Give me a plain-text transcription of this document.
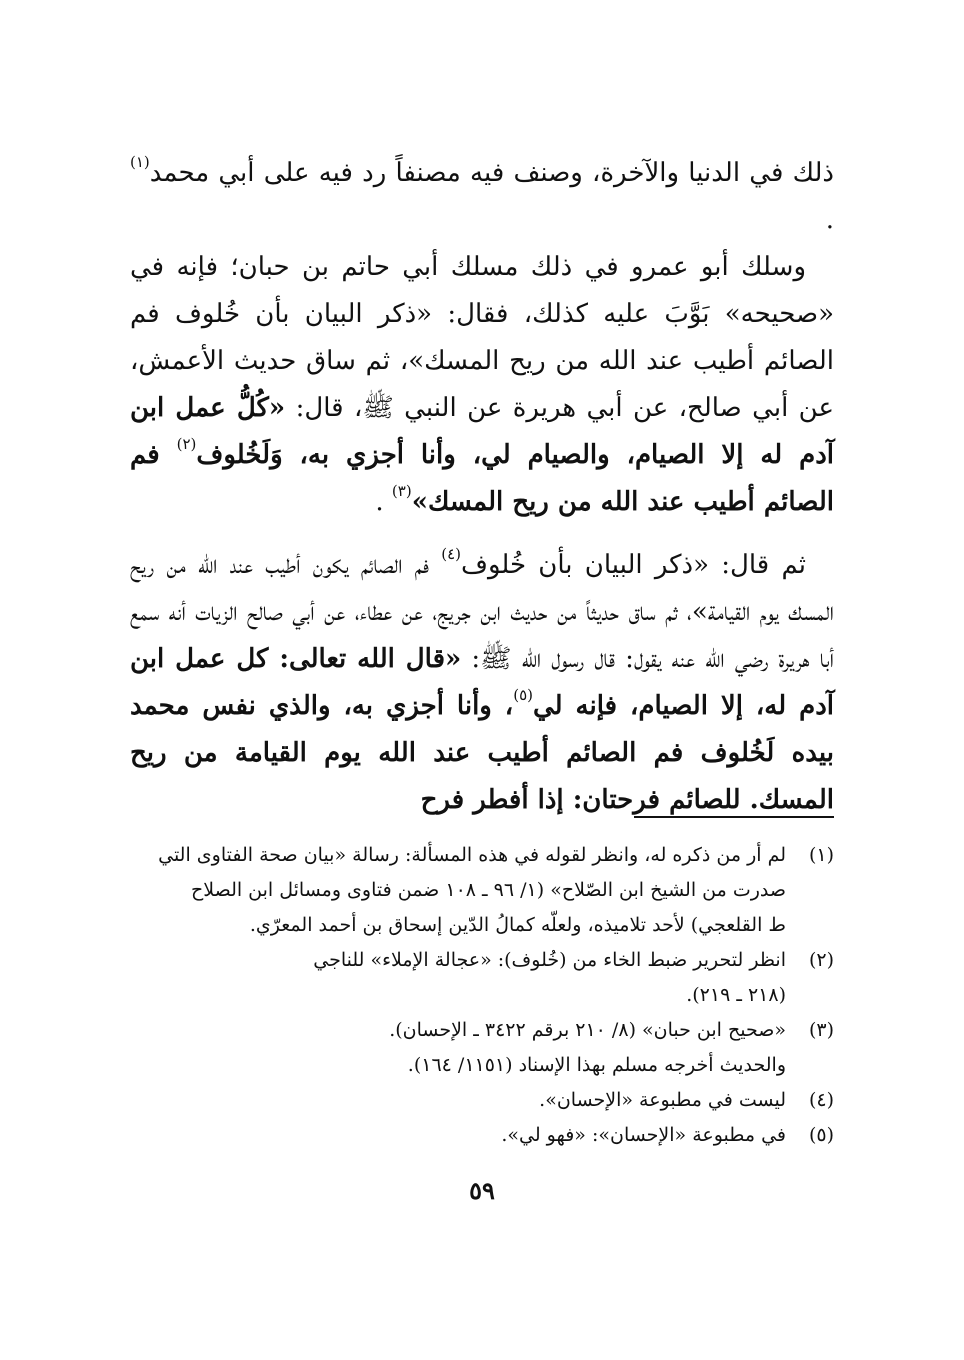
ذلك في الدنيا والآخرة، وصنف فيه مصنفاً رد فيه على أبي محمد$^{(١)}$ .

وسلك أبو عمرو في ذلك مسلك أبي حاتم بن حبان؛ فإنه في «صحيحه» بَوَّبَ عليه كذلك، فقال: «ذكر البيان بأن خُلوف فم الصائم أطيب عند الله من ريح المسك»، ثم ساق حديث الأعمش، عن أبي صالح، عن أبي هريرة عن النبي ﷺ، قال: «كُلُّ عمل ابن آدم له إلا الصيام، والصيام لي، وأنا أجزي به، وَلَخُلوف$^{(٢)}$ فم الصائم أطيب عند الله من ريح المسك»$^{(٣)}$ .

ثم قال: «ذكر البيان بأن خُلوف$^{(٤)}$ فم الصائم يكون أطيب عند الله من ريح المسك يوم القيامة»، ثم ساق حديثاً من حديث ابن جريج، عن عطاء، عن أبي صالح الزيات أنه سمع أبا هريرة رضي الله عنه يقول: قال رسول الله ﷺ: «قال الله تعالى: كل عمل ابن آدم له، إلا الصيام، فإنه لي$^{(٥)}$، وأنا أجزي به، والذي نفس محمد بيده لَخُلوف فم الصائم أطيب عند الله يوم القيامة من ريح المسك. للصائم فرحتان: إذا أفطر فرح

(١)
لم أر من ذكره له، وانظر لقوله في هذه المسألة: رسالة «بيان صحة الفتاوى التي
صدرت من الشيخ ابن الصّلاح» (١/ ٩٦ ـ ١٠٨ ضمن فتاوى ومسائل ابن الصلاح
ط القلعجي) لأحد تلاميذه، ولعلّه كمالُ الدّين إسحاق بن أحمد المعرّي.
(٢)
انظر لتحرير ضبط الخاء من (خُلوف): «عجالة الإملاء» للناجي
(٢١٨ ـ ٢١٩).
(٣)
«صحيح ابن حبان» (٨/ ٢١٠ برقم ٣٤٢٢ ـ الإحسان).
والحديث أخرجه مسلم بهذا الإسناد (١١٥١/ ١٦٤).
(٤)
ليست في مطبوعة «الإحسان».
(٥)
في مطبوعة «الإحسان»: «فهو لي».
٥٩
